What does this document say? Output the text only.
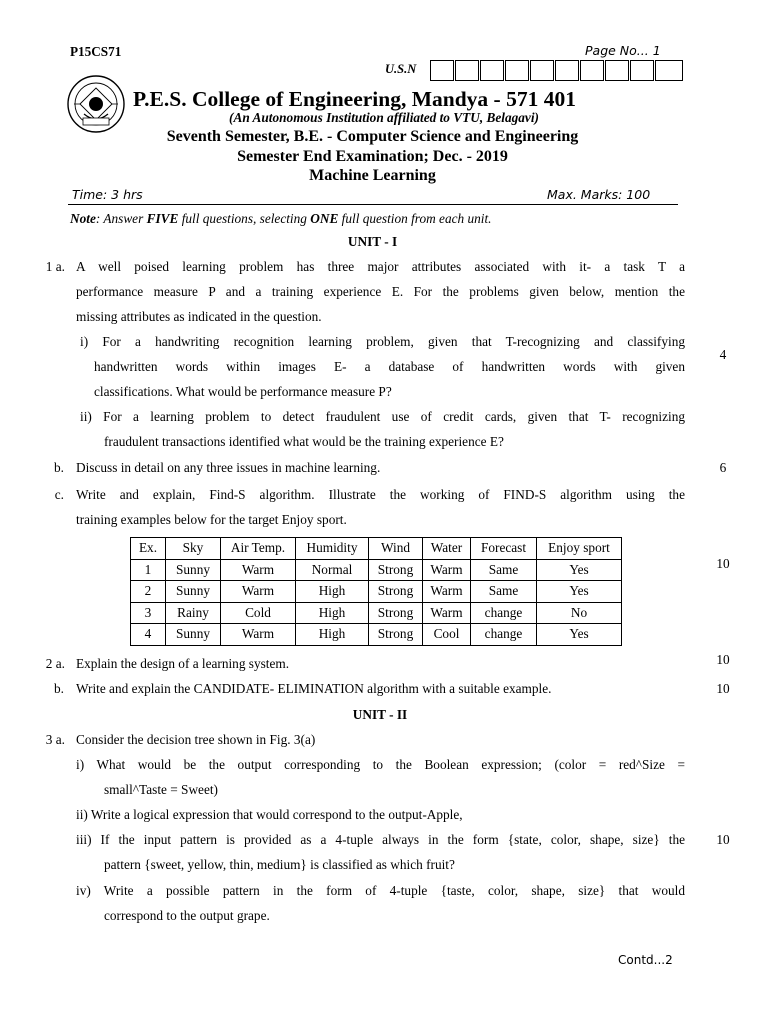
P15CS71	Page No... 1
U.S.N
P.E.S. College of Engineering, Mandya - 571 401
(An Autonomous Institution affiliated to VTU, Belagavi)
Seventh Semester, B.E. - Computer Science and Engineering
Semester End Examination; Dec. - 2019
Machine Learning
Time: 3 hrs	Max. Marks: 100
Note: Answer FIVE full questions, selecting ONE full question from each unit.
UNIT - I
1 a. A well poised learning problem has three major attributes associated with it- a task T a
performance measure P and a training experience E. For the problems given below, mention the
missing attributes as indicated in the question.
i) For a handwriting recognition learning problem, given that T-recognizing and classifying
handwritten words within images E- a database of handwritten words with given
classifications. What would be performance measure P?
4
ii) For a learning problem to detect fraudulent use of credit cards, given that T- recognizing
fraudulent transactions identified what would be the training experience E?
b. Discuss in detail on any three issues in machine learning.	6
c. Write and explain, Find-S algorithm. Illustrate the working of FIND-S algorithm using the
training examples below for the target Enjoy sport.
10
Ex.	Sky	Air Temp.	Humidity	Wind	Water	Forecast	Enjoy sport
1	Sunny	Warm	Normal	Strong	Warm	Same	Yes
2	Sunny	Warm	High	Strong	Warm	Same	Yes
3	Rainy	Cold	High	Strong	Warm	change	No
4	Sunny	Warm	High	Strong	Cool	change	Yes
2 a. Explain the design of a learning system.	10
b. Write and explain the CANDIDATE- ELIMINATION algorithm with a suitable example.	10
UNIT - II
3 a. Consider the decision tree shown in Fig. 3(a)
i) What would be the output corresponding to the Boolean expression; (color = red^Size =
small^Taste = Sweet)
ii) Write a logical expression that would correspond to the output-Apple,
iii) If the input pattern is provided as a 4-tuple always in the form {state, color, shape, size} the
pattern {sweet, yellow, thin, medium} is classified as which fruit?
10
iv) Write a possible pattern in the form of 4-tuple {taste, color, shape, size} that would
correspond to the output grape.
Contd...2
